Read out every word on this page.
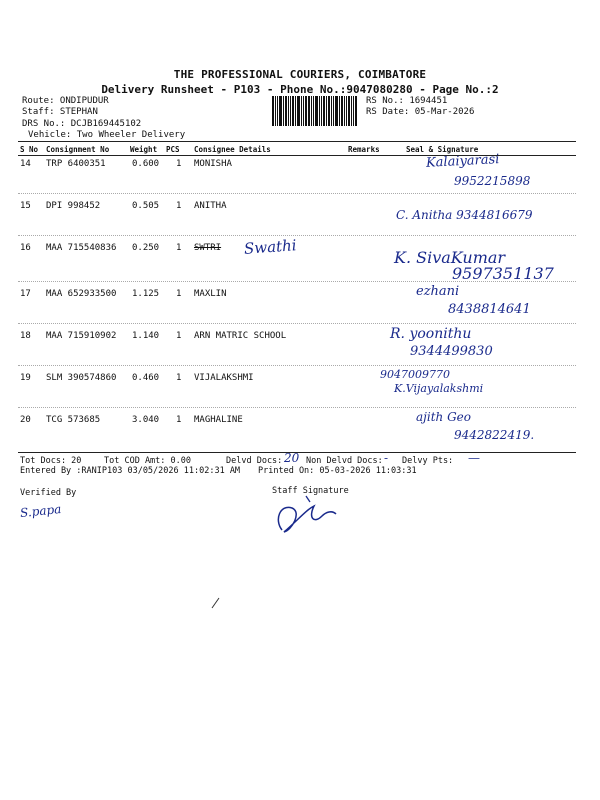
THE PROFESSIONAL COURIERS, COIMBATORE
Delivery Runsheet - P103 - Phone No.:9047080280 - Page No.:2
Route: ONDIPUDUR
Staff: STEPHAN
DRS No.: DCJB169445102
Vehicle: Two Wheeler Delivery
RS No.: 1694451
RS Date: 05-Mar-2026
S No Consignment No	Weight PCS Consignee Details	Remarks	Seal & Signature
14 TRP 6400351	0.600 1 MONISHA	Kalaiyarasi
9952215898
15 DPI 998452	0.505 1 ANITHA
C. Anitha 9344816679
16 MAA 715540836 0.250 1 SWTRI Swathi	K. SivaKumar
9597351137
17 MAA 652933500 1.125 1 MAXLIN	ezhani
8438814641
18 MAA 715910902 1.140 1 ARN MATRIC SCHOOL	R. yoonithu
9344499830
19 SLM 390574860 0.460 1 VIJALAKSHMI	9047009770
K.Vijayalakshmi
20 TCG 573685	3.040 1 MAGHALINE	ajith Geo
9442822419.
Tot Docs: 20	Tot COD Amt: 0.00	Delvd Docs: 20 Non Delvd Docs: - Delvy Pts: —
Entered By :RANIP103 03/05/2026 11:02:31 AM Printed On: 05-03-2026 11:03:31
Verified By
S.papa
Staff Signature
